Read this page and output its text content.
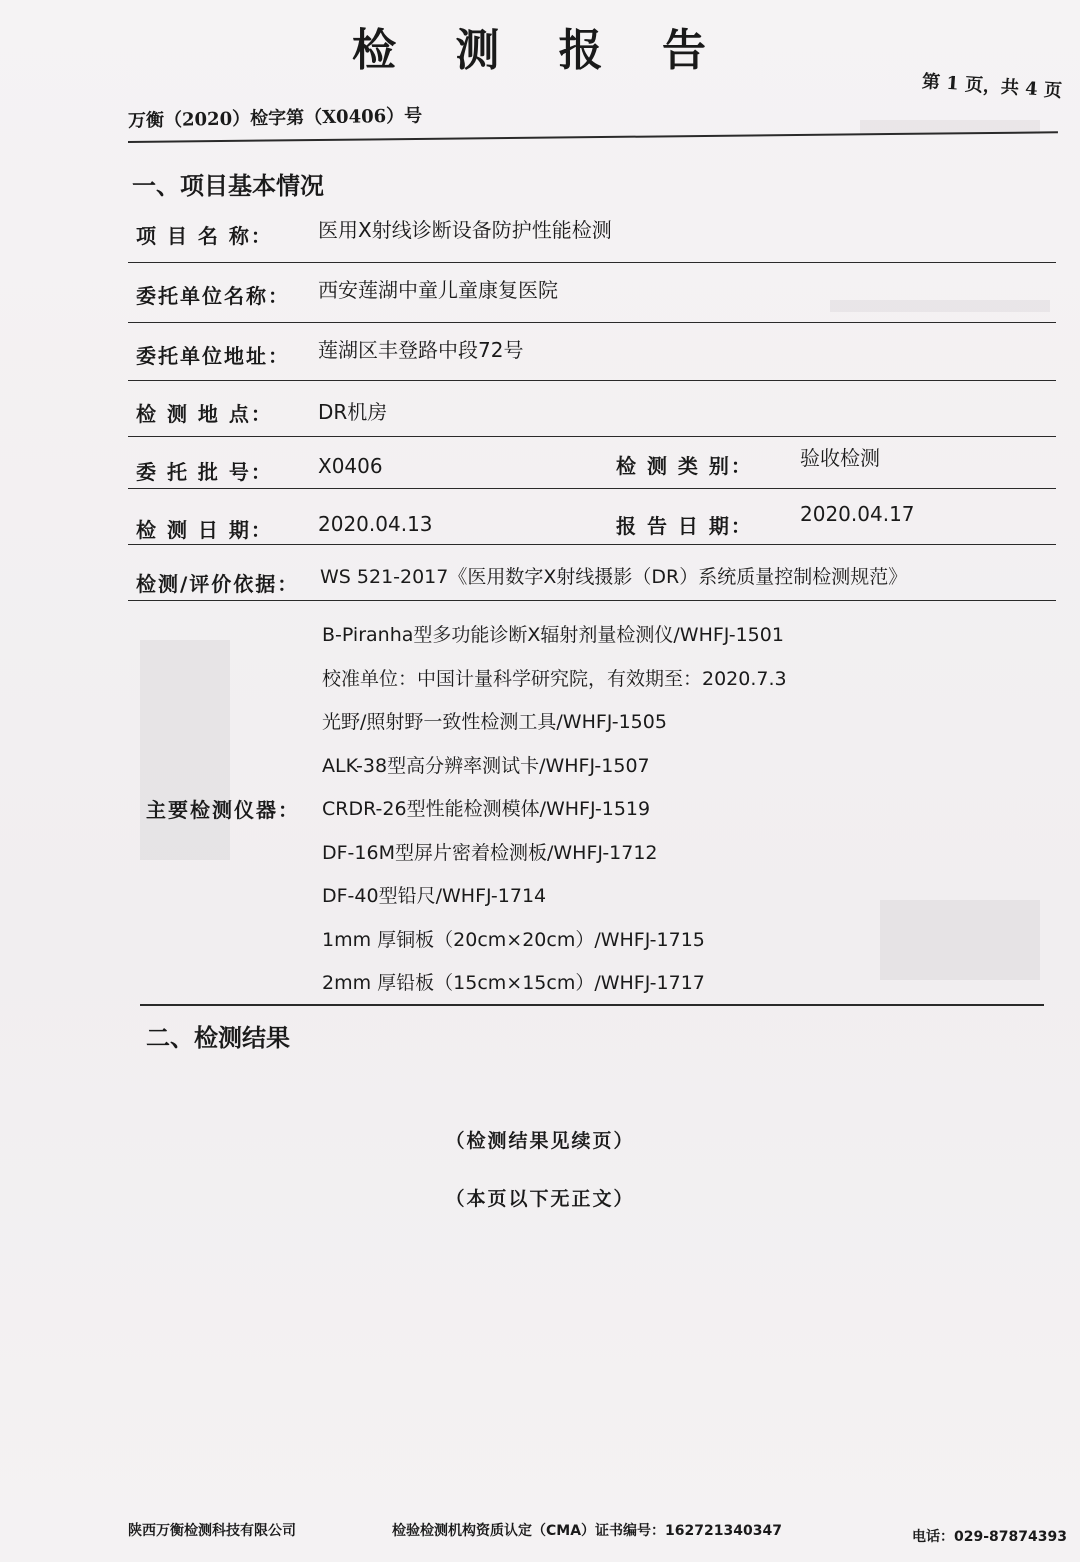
检 测 报 告
第 1 页，共 4 页
万衡（2020）检字第（X0406）号
一、项目基本情况
项 目 名 称： 医用X射线诊断设备防护性能检测
委托单位名称： 西安莲湖中童儿童康复医院
委托单位地址： 莲湖区丰登路中段72号
检 测 地 点： DR机房
委 托 批 号： X0406	检 测 类 别： 验收检测
检 测 日 期： 2020.04.13	报 告 日 期： 2020.04.17
检测/评价依据： WS 521-2017《医用数字X射线摄影（DR）系统质量控制检测规范》
主要检测仪器：
B-Piranha型多功能诊断X辐射剂量检测仪/WHFJ-1501
校准单位：中国计量科学研究院，有效期至：2020.7.3
光野/照射野一致性检测工具/WHFJ-1505
ALK-38型高分辨率测试卡/WHFJ-1507
CRDR-26型性能检测模体/WHFJ-1519
DF-16M型屏片密着检测板/WHFJ-1712
DF-40型铅尺/WHFJ-1714
1mm 厚铜板（20cm×20cm）/WHFJ-1715
2mm 厚铅板（15cm×15cm）/WHFJ-1717
二、检测结果
（检测结果见续页）
（本页以下无正文）
陕西万衡检测科技有限公司	检验检测机构资质认定（CMA）证书编号：162721340347	电话：029-87874393
